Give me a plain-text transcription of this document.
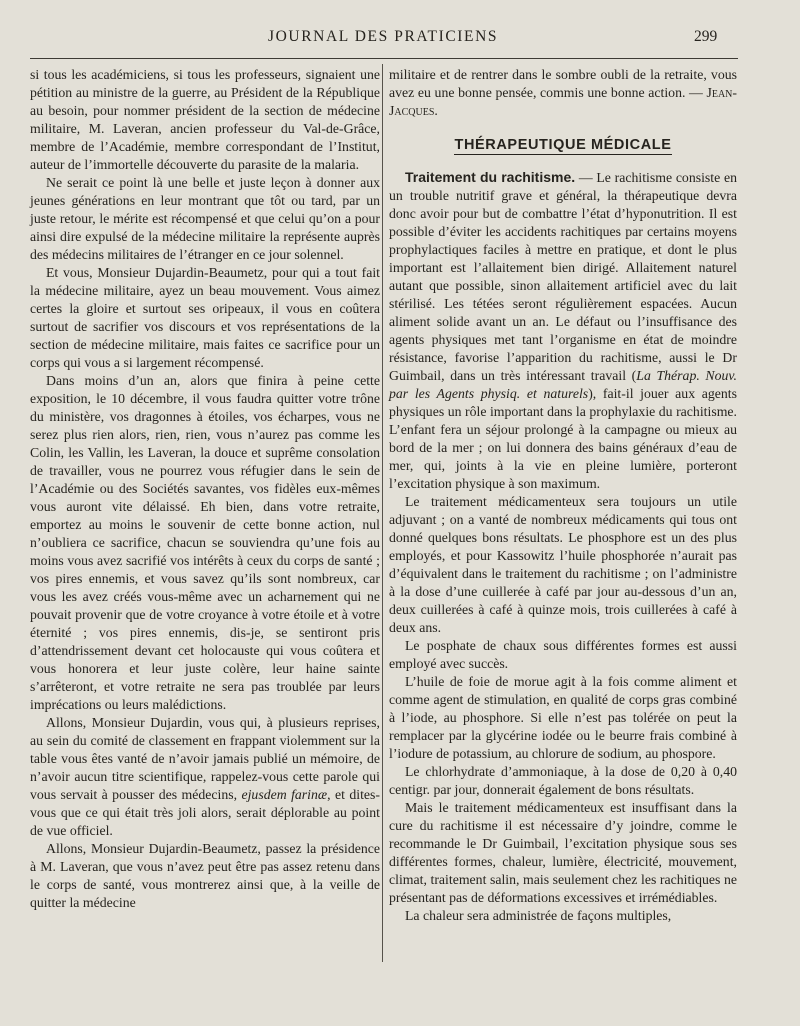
JOURNAL DES PRATICIENS	299

si tous les académiciens, si tous les professeurs, signaient une pétition au ministre de la guerre, au Président de la République au besoin, pour nommer président de la section de médecine militaire, M. Laveran, ancien professeur du Val-de-Grâce, membre de l’Académie, membre correspondant de l’Institut, auteur de l’immortelle découverte du parasite de la malaria.

Ne serait ce point là une belle et juste leçon à donner aux jeunes générations en leur montrant que tôt ou tard, par un juste retour, le mérite est récompensé et que celui qu’on a pour ainsi dire expulsé de la médecine militaire la représente auprès des médecins militaires de l’étranger en ce jour solennel.

Et vous, Monsieur Dujardin-Beaumetz, pour qui a tout fait la médecine militaire, ayez un beau mouvement. Vous aimez certes la gloire et surtout ses oripeaux, il vous en coûtera surtout de sacrifier vos discours et vos représentations de la section de médecine militaire, mais faites ce sacrifice pour un corps qui vous a si largement récompensé.

Dans moins d’un an, alors que finira à peine cette exposition, le 10 décembre, il vous faudra quitter votre trône du ministère, vos dragonnes à étoiles, vos écharpes, vous ne serez plus rien alors, rien, rien, vous n’aurez pas comme les Colin, les Vallin, les Laveran, la douce et suprême consolation de travailler, vous ne pourrez vous réfugier dans le sein de l’Académie ou des Sociétés savantes, vos fidèles eux-mêmes vous auront vite délaissé. Eh bien, dans votre retraite, emportez au moins le souvenir de cette bonne action, nul n’oubliera ce sacrifice, chacun se souviendra qu’une fois au moins vous avez sacrifié vos intérêts à ceux du corps de santé ; vos pires ennemis, et vous savez qu’ils sont nombreux, car vous les avez créés vous-même avec un acharnement qui ne pouvait provenir que de votre croyance à votre étoile et à votre éternité ; vos pires ennemis, dis-je, se sentiront pris d’attendrissement devant cet holocauste qui vous coûtera et vous honorera et leur juste colère, leur haine sainte s’arrêteront, et votre retraite ne sera pas troublée par leurs imprécations ou leurs malédictions.

Allons, Monsieur Dujardin, vous qui, à plusieurs reprises, au sein du comité de classement en frappant violemment sur la table vous êtes vanté de n’avoir jamais publié un mémoire, de n’avoir aucun titre scientifique, rappelez-vous cette parole qui vous servait à pousser des médecins, ejusdem farinæ, et dites-vous que ce qui était très joli alors, serait déplorable au point de vue officiel.

Allons, Monsieur Dujardin-Beaumetz, passez la présidence à M. Laveran, que vous n’avez peut être pas assez retenu dans le corps de santé, vous montrerez ainsi que, à la veille de quitter la médecine

militaire et de rentrer dans le sombre oubli de la retraite, vous avez eu une bonne pensée, commis une bonne action. — Jean-Jacques.

THÉRAPEUTIQUE MÉDICALE

Traitement du rachitisme. — Le rachitisme consiste en un trouble nutritif grave et général, la thérapeutique devra donc avoir pour but de combattre l’état d’hyponutrition. Il est possible d’éviter les accidents rachitiques par certains moyens prophylactiques faciles à mettre en pratique, et dont le plus important est l’allaitement bien dirigé. Allaitement naturel autant que possible, sinon allaitement artificiel avec du lait stérilisé. Les tétées seront régulièrement espacées. Aucun aliment solide avant un an. Le défaut ou l’insuffisance des agents physiques met tant l’organisme en état de moindre résistance, favorise l’apparition du rachitisme, aussi le Dr Guimbail, dans un très intéressant travail (La Thérap. Nouv. par les Agents physiq. et naturels), fait-il jouer aux agents physiques un rôle important dans la prophylaxie du rachitisme. L’enfant fera un séjour prolongé à la campagne ou mieux au bord de la mer ; on lui donnera des bains généraux d’eau de mer, qui, joints à la vie en pleine lumière, porteront l’excitation physique à son maximum.

Le traitement médicamenteux sera toujours un utile adjuvant ; on a vanté de nombreux médicaments qui tous ont donné quelques bons résultats. Le phosphore est un des plus employés, et pour Kassowitz l’huile phosphorée n’aurait pas d’équivalent dans le traitement du rachitisme ; on l’administre à la dose d’une cuillerée à café par jour au-dessous d’un an, deux cuillerées à café à quinze mois, trois cuillerées à café à deux ans.

Le posphate de chaux sous différentes formes est aussi employé avec succès.

L’huile de foie de morue agit à la fois comme aliment et comme agent de stimulation, en qualité de corps gras combiné à l’iode, au phosphore. Si elle n’est pas tolérée on peut la remplacer par la glycérine iodée ou le beurre frais combiné à l’iodure de potassium, au chlorure de sodium, au phospore.

Le chlorhydrate d’ammoniaque, à la dose de 0,20 à 0,40 centigr. par jour, donnerait également de bons résultats.

Mais le traitement médicamenteux est insuffisant dans la cure du rachitisme il est nécessaire d’y joindre, comme le recommande le Dr Guimbail, l’excitation physique sous ses différentes formes, chaleur, lumière, électricité, mouvement, climat, traitement salin, mais seulement chez les rachitiques ne présentant pas de déformations excessives et irrémédiables.

La chaleur sera administrée de façons multiples,
